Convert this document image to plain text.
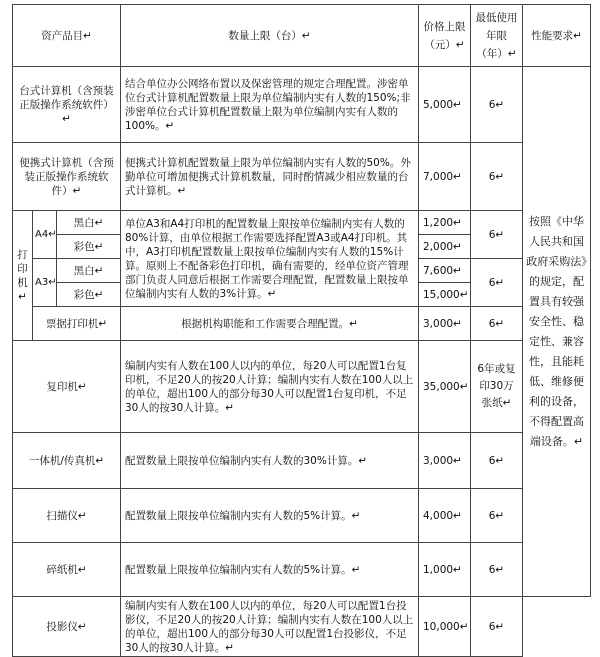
资产品目↵			数量上限（台）↵	价格上限（元）↵	最低使用年限（年）↵	性能要求↵
台式计算机（含预装正版操作系统软件）↵			结合单位办公网络布置以及保密管理的规定合理配置。涉密单位台式计算机配置数量上限为单位编制内实有人数的150%;非涉密单位台式计算机配置数量上限为单位编制内实有人数的100%。↵	5,000↵	6↵	按照《中华人民共和国政府采购法》的规定，配置具有较强安全性、稳定性、兼容性，且能耗低、维修便利的设备，不得配置高端设备。↵
便携式计算机（含预装正版操作系统软件）↵			便携式计算机配置数量上限为单位编制内实有人数的50%。外勤单位可增加便携式计算机数量，同时酌情减少相应数量的台式计算机。↵	7,000↵	6↵	
打印机↵	A4↵	黑白↵	单位A3和A4打印机的配置数量上限按单位编制内实有人数的80%计算，由单位根据工作需要选择配置A3或A4打印机。其中，A3打印机配置数量上限按单位编制内实有人数的15%计算。原则上不配备彩色打印机，确有需要的，经单位资产管理部门负责人同意后根据工作需要合理配置，配置数量上限按单位编制内实有人数的3%计算。↵	1,200↵	6↵	
		彩色↵		2,000↵		
	A3↵	黑白↵		7,600↵	6↵	
		彩色↵		15,000↵		
	票据打印机↵		根据机构职能和工作需要合理配置。↵	3,000↵	6↵	
复印机↵			编制内实有人数在100人以内的单位，每20人可以配置1台复印机，不足20人的按20人计算；编制内实有人数在100人以上的单位，超出100人的部分每30人可以配置1台复印机，不足30人的按30人计算。↵	35,000↵	6年或复印30万张纸↵	
一体机/传真机↵			配置数量上限按单位编制内实有人数的30%计算。↵	3,000↵	6↵	
扫描仪↵			配置数量上限按单位编制内实有人数的5%计算。↵	4,000↵	6↵	
碎纸机↵			配置数量上限按单位编制内实有人数的5%计算。↵	1,000↵	6↵	
投影仪↵			编制内实有人数在100人以内的单位，每20人可以配置1台投影仪，不足20人的按20人计算；编制内实有人数在100人以上的单位，超出100人的部分每30人可以配置1台投影仪，不足30人的按30人计算。↵	10,000↵	6↵	
